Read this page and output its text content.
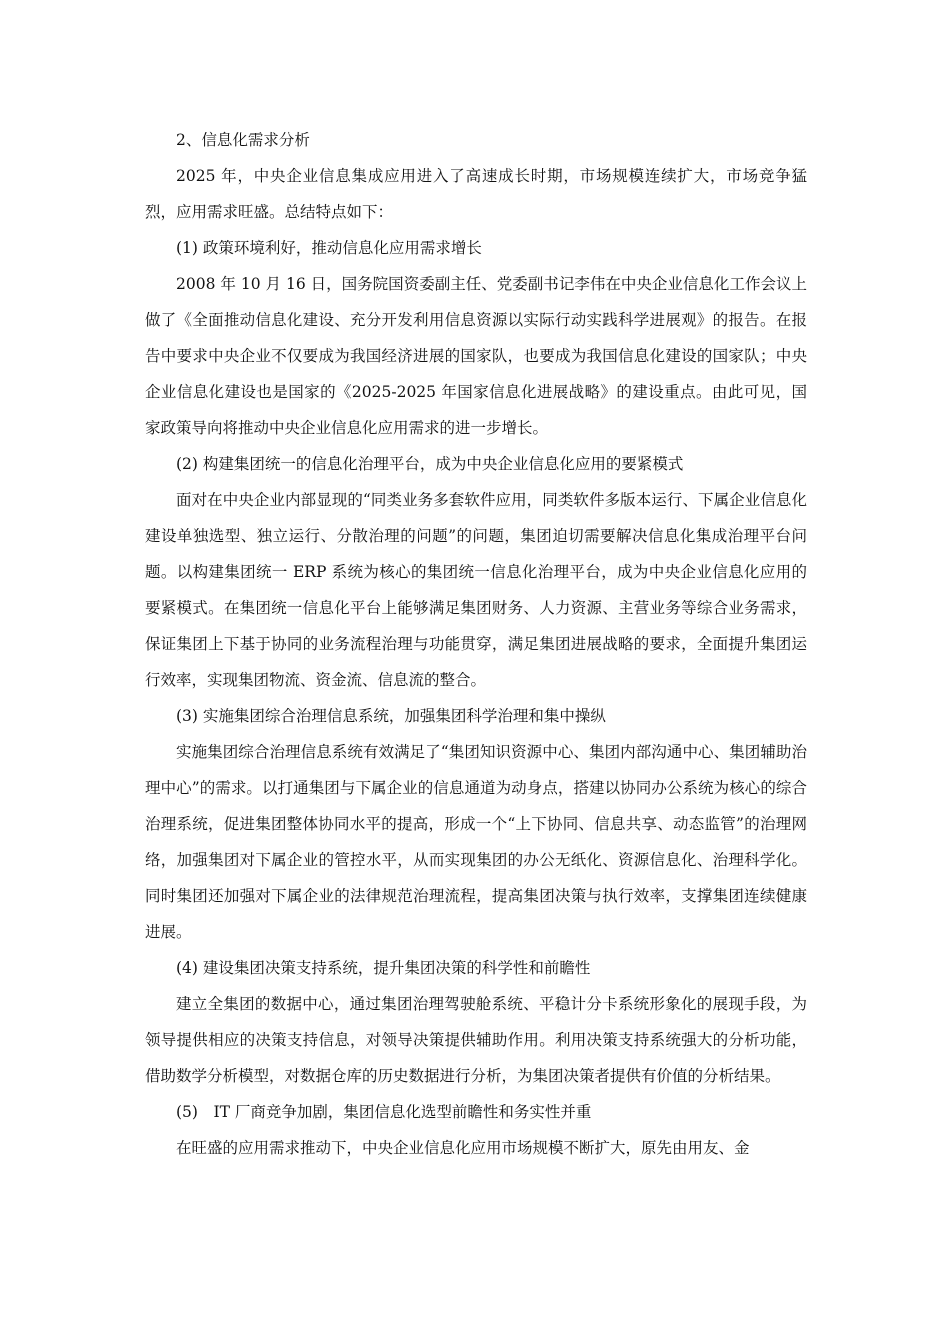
2、信息化需求分析

2025 年，中央企业信息集成应用进入了高速成长时期，市场规模连续扩大，市场竞争猛烈，应用需求旺盛。总结特点如下：

(1) 政策环境利好，推动信息化应用需求增长

2008 年 10 月 16 日，国务院国资委副主任、党委副书记李伟在中央企业信息化工作会议上做了《全面推动信息化建设、充分开发利用信息资源以实际行动实践科学进展观》的报告。在报告中要求中央企业不仅要成为我国经济进展的国家队，也要成为我国信息化建设的国家队；中央企业信息化建设也是国家的《2025-2025 年国家信息化进展战略》的建设重点。由此可见，国家政策导向将推动中央企业信息化应用需求的进一步增长。

(2) 构建集团统一的信息化治理平台，成为中央企业信息化应用的要紧模式

面对在中央企业内部显现的“同类业务多套软件应用，同类软件多版本运行、下属企业信息化建设单独选型、独立运行、分散治理的问题”的问题，集团迫切需要解决信息化集成治理平台问题。以构建集团统一 ERP 系统为核心的集团统一信息化治理平台，成为中央企业信息化应用的要紧模式。在集团统一信息化平台上能够满足集团财务、人力资源、主营业务等综合业务需求，保证集团上下基于协同的业务流程治理与功能贯穿，满足集团进展战略的要求，全面提升集团运行效率，实现集团物流、资金流、信息流的整合。

(3) 实施集团综合治理信息系统，加强集团科学治理和集中操纵

实施集团综合治理信息系统有效满足了“集团知识资源中心、集团内部沟通中心、集团辅助治理中心”的需求。以打通集团与下属企业的信息通道为动身点，搭建以协同办公系统为核心的综合治理系统，促进集团整体协同水平的提高，形成一个“上下协同、信息共享、动态监管”的治理网络，加强集团对下属企业的管控水平，从而实现集团的办公无纸化、资源信息化、治理科学化。同时集团还加强对下属企业的法律规范治理流程，提高集团决策与执行效率，支撑集团连续健康进展。

(4) 建设集团决策支持系统，提升集团决策的科学性和前瞻性

建立全集团的数据中心，通过集团治理驾驶舱系统、平稳计分卡系统形象化的展现手段，为领导提供相应的决策支持信息，对领导决策提供辅助作用。利用决策支持系统强大的分析功能，借助数学分析模型，对数据仓库的历史数据进行分析，为集团决策者提供有价值的分析结果。

(5)　IT 厂商竞争加剧，集团信息化选型前瞻性和务实性并重

在旺盛的应用需求推动下，中央企业信息化应用市场规模不断扩大，原先由用友、金
